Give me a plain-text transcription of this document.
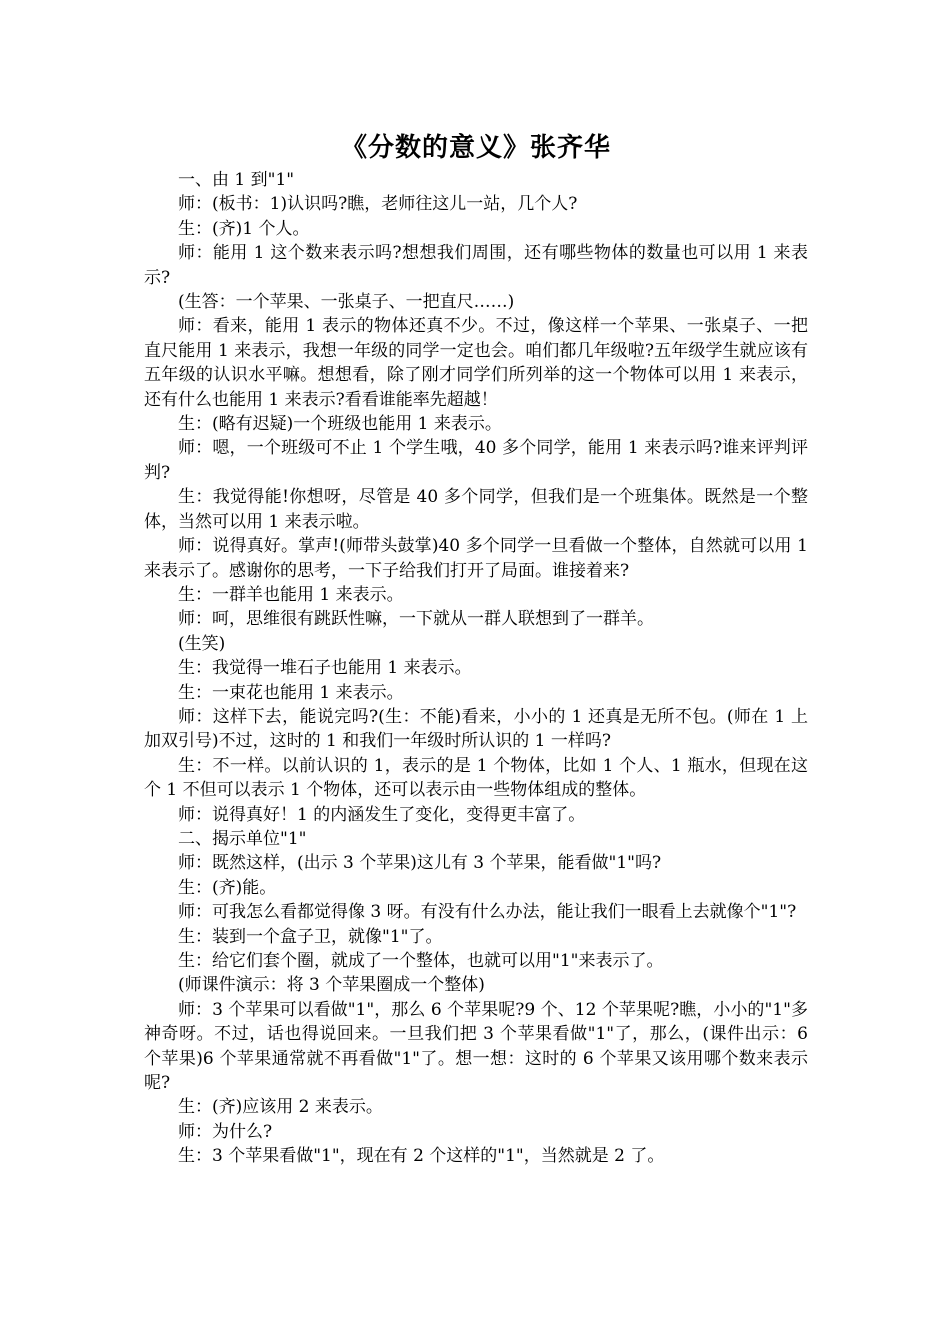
《分数的意义》张齐华

一、由 1 到"1"

师：(板书：1)认识吗?瞧，老师往这儿一站，几个人?

生：(齐)1 个人。

师：能用 1 这个数来表示吗?想想我们周围，还有哪些物体的数量也可以用 1 来表示?

(生答：一个苹果、一张桌子、一把直尺……)

师：看来，能用 1 表示的物体还真不少。不过，像这样一个苹果、一张桌子、一把直尺能用 1 来表示，我想一年级的同学一定也会。咱们都几年级啦?五年级学生就应该有五年级的认识水平嘛。想想看，除了刚才同学们所列举的这一个物体可以用 1 来表示，还有什么也能用 1 来表示?看看谁能率先超越！

生：(略有迟疑)一个班级也能用 1 来表示。

师：嗯，一个班级可不止 1 个学生哦，40 多个同学，能用 1 来表示吗?谁来评判评判?

生：我觉得能!你想呀，尽管是 40 多个同学，但我们是一个班集体。既然是一个整体，当然可以用 1 来表示啦。

师：说得真好。掌声!(师带头鼓掌)40 多个同学一旦看做一个整体，自然就可以用 1 来表示了。感谢你的思考，一下子给我们打开了局面。谁接着来?

生：一群羊也能用 1 来表示。

师：呵，思维很有跳跃性嘛，一下就从一群人联想到了一群羊。

(生笑)

生：我觉得一堆石子也能用 1 来表示。

生：一束花也能用 1 来表示。

师：这样下去，能说完吗?(生：不能)看来，小小的 1 还真是无所不包。(师在 1 上加双引号)不过，这时的 1 和我们一年级时所认识的 1 一样吗?

生：不一样。以前认识的 1，表示的是 1 个物体，比如 1 个人、1 瓶水，但现在这个 1 不但可以表示 1 个物体，还可以表示由一些物体组成的整体。

师：说得真好！1 的内涵发生了变化，变得更丰富了。

二、揭示单位"1"

师：既然这样，(出示 3 个苹果)这儿有 3 个苹果，能看做"1"吗?

生：(齐)能。

师：可我怎么看都觉得像 3 呀。有没有什么办法，能让我们一眼看上去就像个"1"?

生：装到一个盒子卫，就像"1"了。

生：给它们套个圈，就成了一个整体，也就可以用"1"来表示了。

(师课件演示：将 3 个苹果圈成一个整体)

师：3 个苹果可以看做"1"，那么 6 个苹果呢?9 个、12 个苹果呢?瞧，小小的"1"多神奇呀。不过，话也得说回来。一旦我们把 3 个苹果看做"1"了，那么，(课件出示：6 个苹果)6 个苹果通常就不再看做"1"了。想一想：这时的 6 个苹果又该用哪个数来表示呢?

生：(齐)应该用 2 来表示。

师：为什么?

生：3 个苹果看做"1"，现在有 2 个这样的"1"，当然就是 2 了。
